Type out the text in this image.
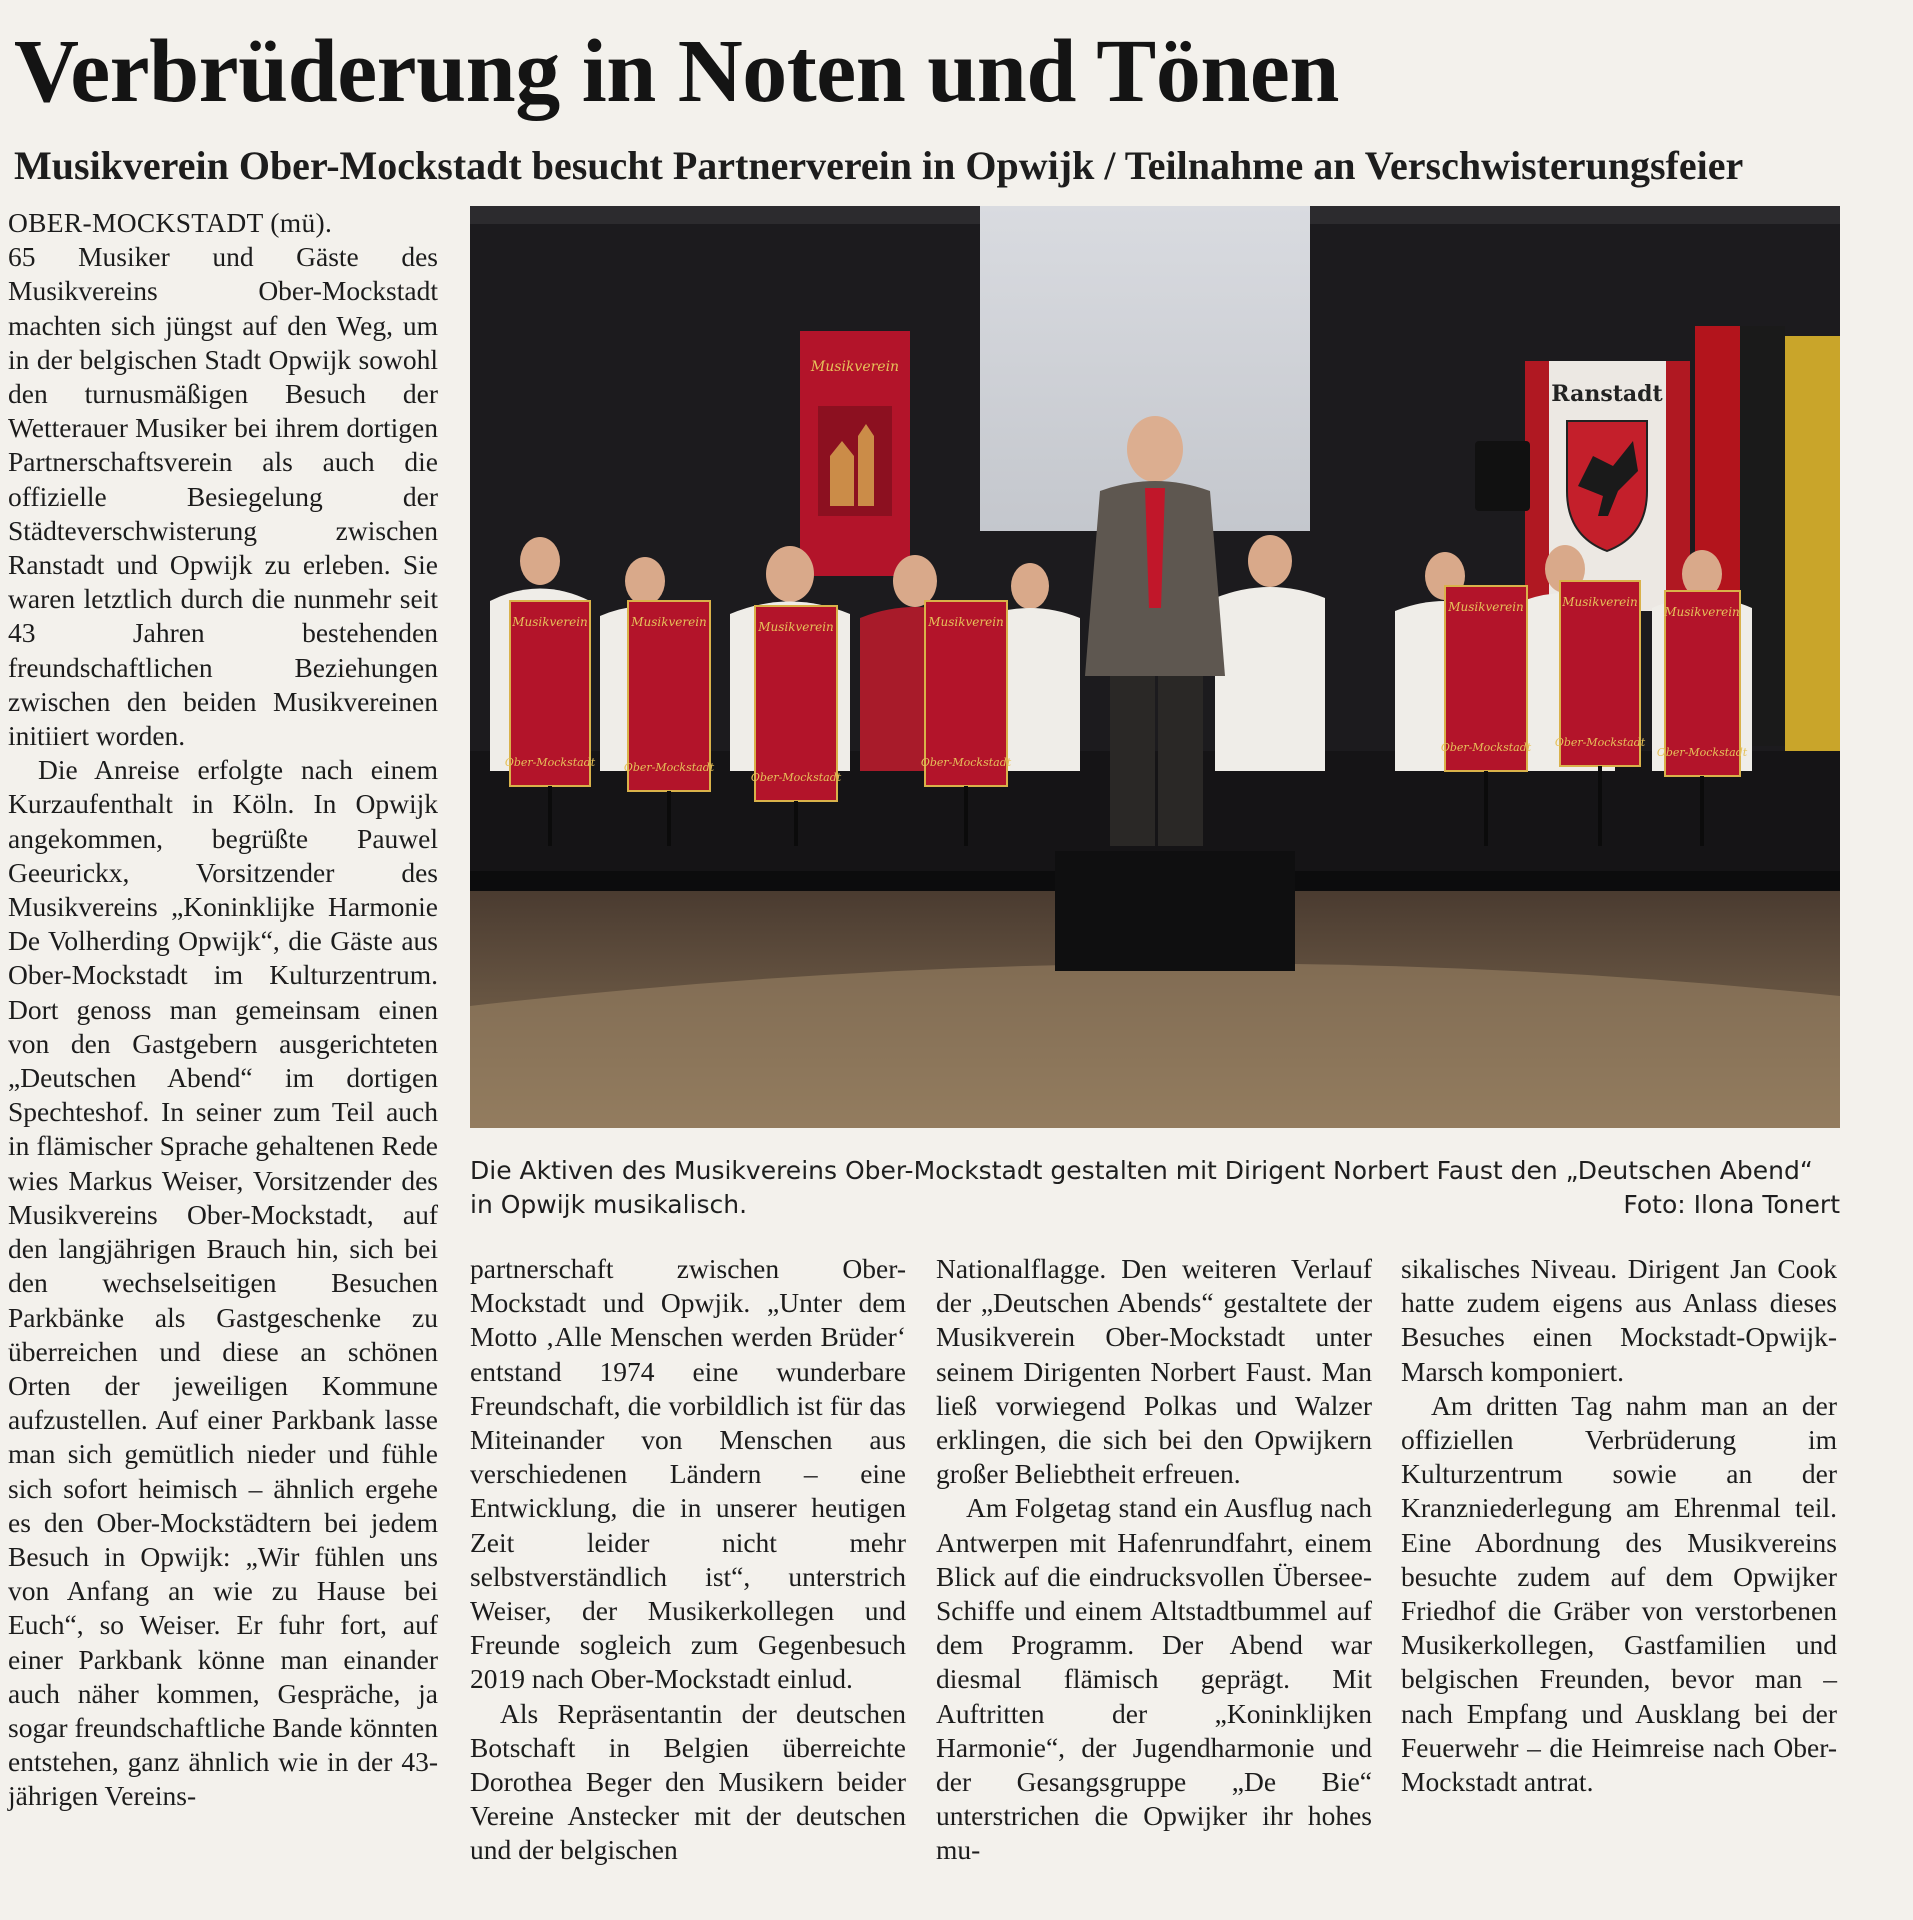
Verbrüderung in Noten und Tönen
Musikverein Ober-Mockstadt besucht Partnerverein in Opwijk / Teilnahme an Verschwisterungsfeier

OBER-MOCKSTADT (mü).
65 Musiker und Gäste des Musikvereins Ober-Mockstadt machten sich jüngst auf den Weg, um in der belgischen Stadt Opwijk sowohl den turnusmäßigen Besuch der Wetterauer Musiker bei ihrem dortigen Partnerschaftsverein als auch die offizielle Besiegelung der Städteverschwisterung zwischen Ranstadt und Opwijk zu erleben. Sie waren letztlich durch die nunmehr seit 43 Jahren bestehenden freundschaftlichen Beziehungen zwischen den beiden Musikvereinen initiiert worden.

Die Anreise erfolgte nach einem Kurzaufenthalt in Köln. In Opwijk angekommen, begrüßte Pauwel Geeurickx, Vorsitzender des Musikvereins „Koninklijke Harmonie De Volherding Opwijk“, die Gäste aus Ober-Mockstadt im Kulturzentrum. Dort genoss man gemeinsam einen von den Gastgebern ausgerichteten „Deutschen Abend“ im dortigen Spechteshof. In seiner zum Teil auch in flämischer Sprache gehaltenen Rede wies Markus Weiser, Vorsitzender des Musikvereins Ober-Mockstadt, auf den langjährigen Brauch hin, sich bei den wechselseitigen Besuchen Parkbänke als Gastgeschenke zu überreichen und diese an schönen Orten der jeweiligen Kommune aufzustellen. Auf einer Parkbank lasse man sich gemütlich nieder und fühle sich sofort heimisch – ähnlich ergehe es den Ober-Mockstädtern bei jedem Besuch in Opwijk: „Wir fühlen uns von Anfang an wie zu Hause bei Euch“, so Weiser. Er fuhr fort, auf einer Parkbank könne man einander auch näher kommen, Gespräche, ja sogar freundschaftliche Bande könnten entstehen, ganz ähnlich wie in der 43-jährigen Vereins-

Ranstadt
Musikverein
Musikverein
Ober-Mockstadt
Musikverein
Ober-Mockstadt
Musikverein
Ober-Mockstadt
Musikverein
Ober-Mockstadt
Musikverein
Ober-Mockstadt
Musikverein
Ober-Mockstadt
Musikverein
Ober-Mockstadt
Die Aktiven des Musikvereins Ober-Mockstadt gestalten mit Dirigent Norbert Faust den „Deutschen Abend“ in Opwijk musikalisch.	Foto: Ilona Tonert

partnerschaft zwischen Ober-Mockstadt und Opwjik. „Unter dem Motto ‚Alle Menschen werden Brüder‘ entstand 1974 eine wunderbare Freundschaft, die vorbildlich ist für das Miteinander von Menschen aus verschiedenen Ländern – eine Entwicklung, die in unserer heutigen Zeit leider nicht mehr selbstverständlich ist“, unterstrich Weiser, der Musikerkollegen und Freunde sogleich zum Gegenbesuch 2019 nach Ober-Mockstadt einlud.

Als Repräsentantin der deutschen Botschaft in Belgien überreichte Dorothea Beger den Musikern beider Vereine Anstecker mit der deutschen und der belgischen

Nationalflagge. Den weiteren Verlauf der „Deutschen Abends“ gestaltete der Musikverein Ober-Mockstadt unter seinem Dirigenten Norbert Faust. Man ließ vorwiegend Polkas und Walzer erklingen, die sich bei den Opwijkern großer Beliebtheit erfreuen.

Am Folgetag stand ein Ausflug nach Antwerpen mit Hafenrundfahrt, einem Blick auf die eindrucksvollen Übersee-Schiffe und einem Altstadtbummel auf dem Programm. Der Abend war diesmal flämisch geprägt. Mit Auftritten der „Koninklijken Harmonie“, der Jugendharmonie und der Gesangsgruppe „De Bie“ unterstrichen die Opwijker ihr hohes mu-

sikalisches Niveau. Dirigent Jan Cook hatte zudem eigens aus Anlass dieses Besuches einen Mockstadt-Opwijk-Marsch komponiert.

Am dritten Tag nahm man an der offiziellen Verbrüderung im Kulturzentrum sowie an der Kranzniederlegung am Ehrenmal teil. Eine Abordnung des Musikvereins besuchte zudem auf dem Opwijker Friedhof die Gräber von verstorbenen Musikerkollegen, Gastfamilien und belgischen Freunden, bevor man – nach Empfang und Ausklang bei der Feuerwehr – die Heimreise nach Ober-Mockstadt antrat.
